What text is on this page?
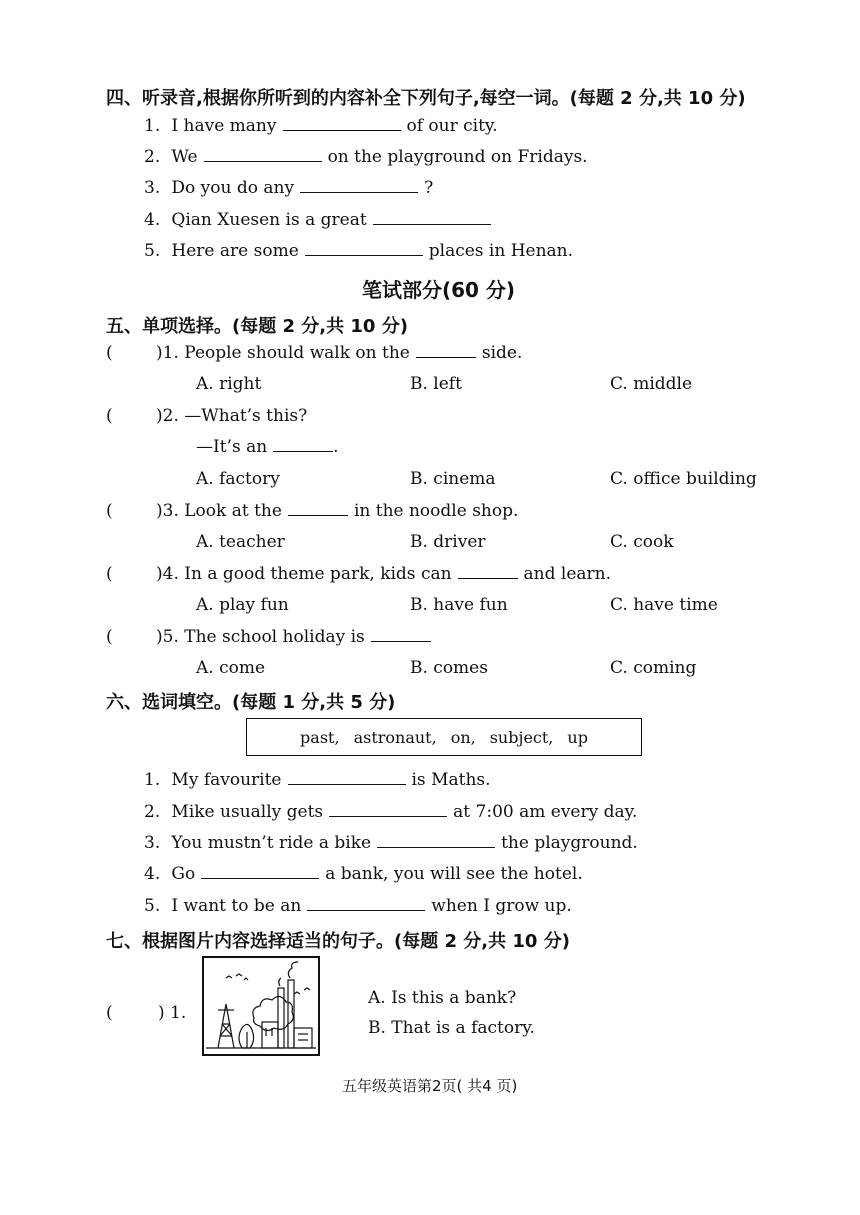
四、听录音,根据你所听到的内容补全下列句子,每空一词。(每题 2 分,共 10 分)
1. I have many	of our city.
2. We	on the playground on Fridays.
3. Do you do any	?
4. Qian Xuesen is a great
5. Here are some	places in Henan.
笔试部分(60 分)
五、单项选择。(每题 2 分,共 10 分)
( )1. People should walk on the	side.
A. right	B. left	C. middle
( )2. —What’s this?
—It’s an	.
A. factory	B. cinema	C. office building
( )3. Look at the	in the noodle shop.
A. teacher	B. driver	C. cook
( )4. In a good theme park, kids can	and learn.
A. play fun	B. have fun	C. have time
( )5. The school holiday is
A. come	B. comes	C. coming
六、选词填空。(每题 1 分,共 5 分)
past, astronaut, on, subject, up
1. My favourite	is Maths.
2. Mike usually gets	at 7:00 am every day.
3. You mustn’t ride a bike	the playground.
4. Go	a bank, you will see the hotel.
5. I want to be an	when I grow up.
七、根据图片内容选择适当的句子。(每题 2 分,共 10 分)
( ) 1.
A. Is this a bank?
B. That is a factory.
五年级英语第2页( 共4 页)
